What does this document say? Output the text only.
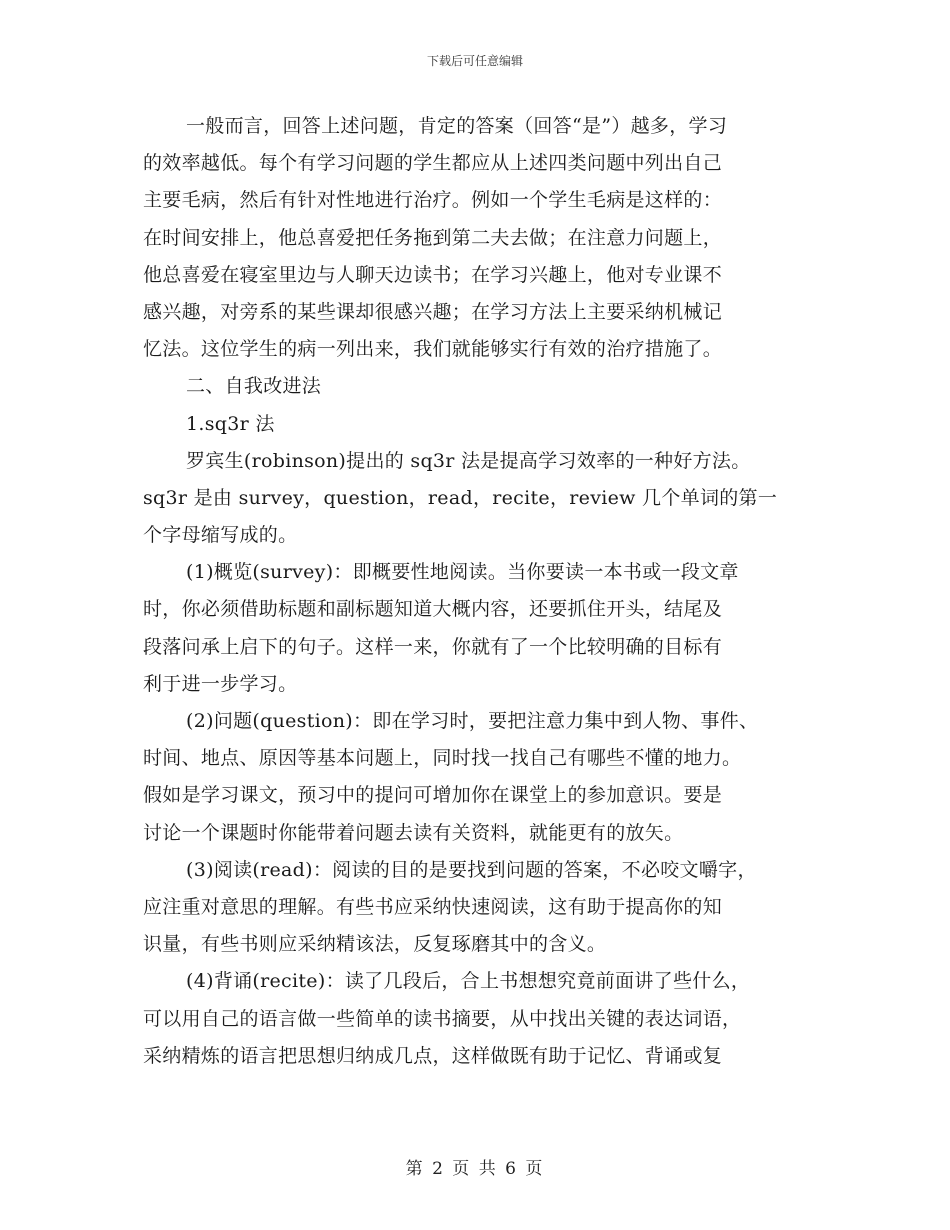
下载后可任意编辑
一般而言，回答上述问题，肯定的答案（回答“是”）越多，学习
的效率越低。每个有学习问题的学生都应从上述四类问题中列出自己
主要毛病，然后有针对性地进行治疗。例如一个学生毛病是这样的：
在时间安排上，他总喜爱把任务拖到第二夫去做；在注意力问题上，
他总喜爱在寝室里边与人聊天边读书；在学习兴趣上，他对专业课不
感兴趣，对旁系的某些课却很感兴趣；在学习方法上主要采纳机械记
忆法。这位学生的病一列出来，我们就能够实行有效的治疗措施了。
二、自我改进法
1.sq3r 法
罗宾生(robinson)提出的 sq3r 法是提高学习效率的一种好方法。
sq3r 是由 survey，question，read，recite，review 几个单词的第一
个字母缩写成的。
(1)概览(survey)：即概要性地阅读。当你要读一本书或一段文章
时，你必须借助标题和副标题知道大概内容，还要抓住开头，结尾及
段落问承上启下的句子。这样一来，你就有了一个比较明确的目标有
利于进一步学习。
(2)问题(question)：即在学习时，要把注意力集中到人物、事件、
时间、地点、原因等基本问题上，同时找一找自己有哪些不懂的地力。
假如是学习课文，预习中的提问可增加你在课堂上的参加意识。要是
讨论一个课题时你能带着问题去读有关资料，就能更有的放矢。
(3)阅读(read)：阅读的目的是要找到问题的答案，不必咬文嚼字，
应注重对意思的理解。有些书应采纳快速阅读，这有助于提高你的知
识量，有些书则应采纳精该法，反复琢磨其中的含义。
(4)背诵(recite)：读了几段后，合上书想想究竟前面讲了些什么，
可以用自己的语言做一些简单的读书摘要，从中找出关键的表达词语，
采纳精炼的语言把思想归纳成几点，这样做既有助于记忆、背诵或复
第 2 页 共 6 页
